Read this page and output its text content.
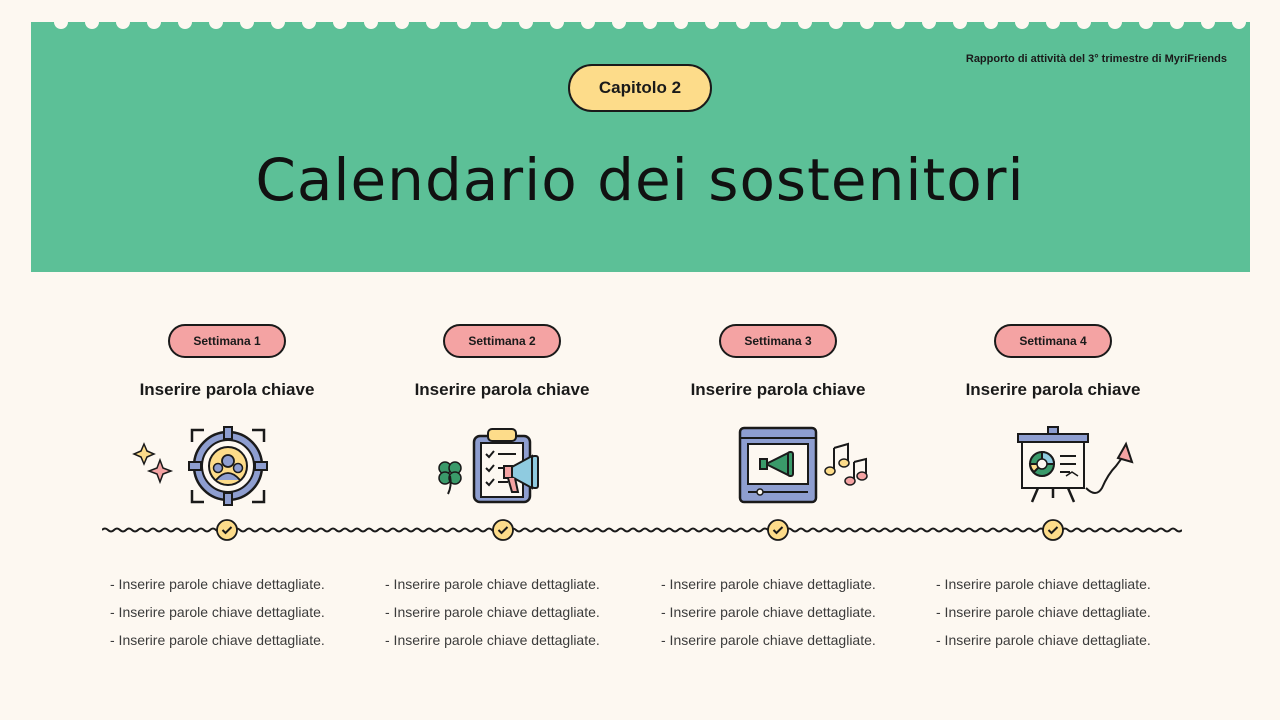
Rapporto di attività del 3° trimestre di MyriFriends
Capitolo 2
Calendario dei sostenitori
Settimana 1
Inserire parola chiave
Settimana 2
Inserire parola chiave
Settimana 3
Inserire parola chiave
Settimana 4
Inserire parola chiave
- Inserire parole chiave dettagliate.
- Inserire parole chiave dettagliate.
- Inserire parole chiave dettagliate.
- Inserire parole chiave dettagliate.
- Inserire parole chiave dettagliate.
- Inserire parole chiave dettagliate.
- Inserire parole chiave dettagliate.
- Inserire parole chiave dettagliate.
- Inserire parole chiave dettagliate.
- Inserire parole chiave dettagliate.
- Inserire parole chiave dettagliate.
- Inserire parole chiave dettagliate.
